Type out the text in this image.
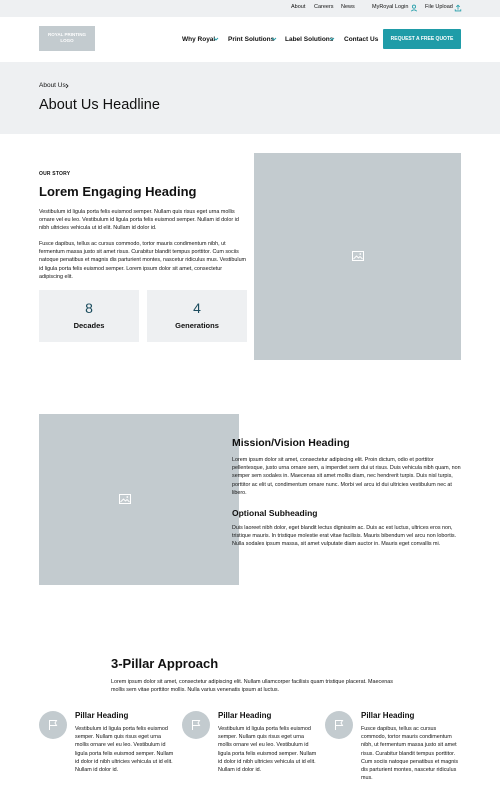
About Careers News	MyRoyal Login	File Upload
ROYAL PRINTING
LOGO	Why Royal Print Solutions Label Solutions Contact Us	REQUEST A FREE QUOTE
About Us
About Us Headline
OUR STORY
Lorem Engaging Heading

Vestibulum id ligula porta felis euismod semper. Nullam quis risus eget urna mollis ornare vel eu leo. Vestibulum id ligula porta felis euismod semper. Nullam id dolor id nibh ultricies vehicula ut id elit. Nullam id dolor id.

Fusce dapibus, tellus ac cursus commodo, tortor mauris condimentum nibh, ut fermentum massa justo sit amet risus. Curabitur blandit tempus porttitor. Cum sociis natoque penatibus et magnis dis parturient montes, nascetur ridiculus mus. Vestibulum id ligula porta felis euismod semper. Lorem ipsum dolor sit amet, consectetur adipiscing elit.

8
Decades
4
Generations
Mission/Vision Heading

Lorem ipsum dolor sit amet, consectetur adipiscing elit. Proin dictum, odio et porttitor pellentesque, justo urna ornare sem, a imperdiet sem dui ut risus. Duis vehicula nibh quam, non semper sem sodales in. Maecenas sit amet mollis diam, nec hendrerit turpis. Duis nisl turpis, porttitor ac elit ut, condimentum ornare nunc. Morbi vel arcu id dui ultricies vestibulum nec at libero.

Optional Subheading

Duis laoreet nibh dolor, eget blandit lectus dignissim ac. Duis ac est luctus, ultrices eros non, tristique mauris. In tristique molestie erat vitae facilisis. Mauris bibendum vel arcu non lobortis. Nulla sodales ipsum massa, sit amet vulputate diam auctor in. Mauris eget convallis mi.

3-Pillar Approach

Lorem ipsum dolor sit amet, consectetur adipiscing elit. Nullam ullamcorper facilisis quam tristique placerat. Maecenas mollis sem vitae porttitor mollis. Nulla varius venenatis ipsum at luctus.

Pillar Heading

Vestibulum id ligula porta felis euismod semper. Nullam quis risus eget urna mollis ornare vel eu leo. Vestibulum id ligula porta felis euismod semper. Nullam id dolor id nibh ultricies vehicula ut id elit. Nullam id dolor id.

Pillar Heading

Vestibulum id ligula porta felis euismod semper. Nullam quis risus eget urna mollis ornare vel eu leo. Vestibulum id ligula porta felis euismod semper. Nullam id dolor id nibh ultricies vehicula ut id elit. Nullam id dolor id.

Pillar Heading

Fusce dapibus, tellus ac cursus commodo, tortor mauris condimentum nibh, ut fermentum massa justo sit amet risus. Curabitur blandit tempus porttitor. Cum sociis natoque penatibus et magnis dis parturient montes, nascetur ridiculus mus.
